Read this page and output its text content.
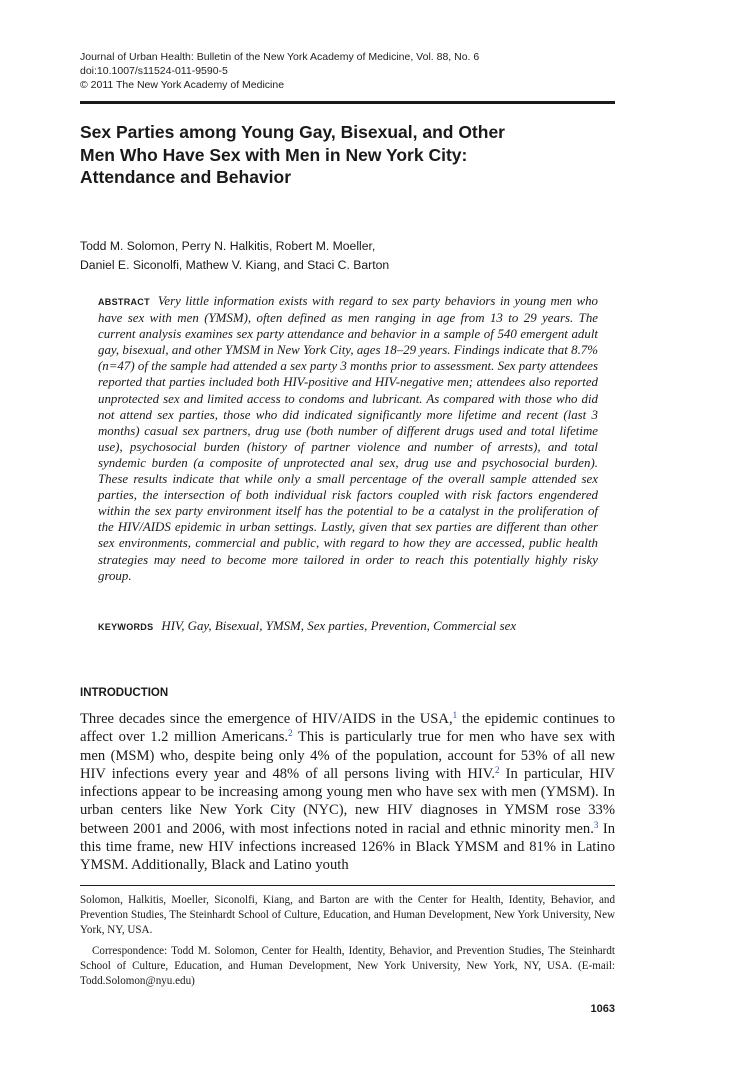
Journal of Urban Health: Bulletin of the New York Academy of Medicine, Vol. 88, No. 6
doi:10.1007/s11524-011-9590-5
© 2011 The New York Academy of Medicine
Sex Parties among Young Gay, Bisexual, and Other
Men Who Have Sex with Men in New York City:
Attendance and Behavior
Todd M. Solomon, Perry N. Halkitis, Robert M. Moeller,
Daniel E. Siconolfi, Mathew V. Kiang, and Staci C. Barton
ABSTRACT Very little information exists with regard to sex party behaviors in young men who have sex with men (YMSM), often defined as men ranging in age from 13 to 29 years. The current analysis examines sex party attendance and behavior in a sample of 540 emergent adult gay, bisexual, and other YMSM in New York City, ages 18–29 years. Findings indicate that 8.7% (n=47) of the sample had attended a sex party 3 months prior to assessment. Sex party attendees reported that parties included both HIV-positive and HIV-negative men; attendees also reported unprotected sex and limited access to condoms and lubricant. As compared with those who did not attend sex parties, those who did indicated significantly more lifetime and recent (last 3 months) casual sex partners, drug use (both number of different drugs used and total lifetime use), psychosocial burden (history of partner violence and number of arrests), and total syndemic burden (a composite of unprotected anal sex, drug use and psychosocial burden). These results indicate that while only a small percentage of the overall sample attended sex parties, the intersection of both individual risk factors coupled with risk factors engendered within the sex party environment itself has the potential to be a catalyst in the proliferation of the HIV/AIDS epidemic in urban settings. Lastly, given that sex parties are different than other sex environments, commercial and public, with regard to how they are accessed, public health strategies may need to become more tailored in order to reach this potentially highly risky group.
KEYWORDS HIV, Gay, Bisexual, YMSM, Sex parties, Prevention, Commercial sex
INTRODUCTION
Three decades since the emergence of HIV/AIDS in the USA,$^1$ the epidemic continues to affect over 1.2 million Americans.$^2$ This is particularly true for men who have sex with men (MSM) who, despite being only 4% of the population, account for 53% of all new HIV infections every year and 48% of all persons living with HIV.$^2$ In particular, HIV infections appear to be increasing among young men who have sex with men (YMSM). In urban centers like New York City (NYC), new HIV diagnoses in YMSM rose 33% between 2001 and 2006, with most infections noted in racial and ethnic minority men.$^3$ In this time frame, new HIV infections increased 126% in Black YMSM and 81% in Latino YMSM. Additionally, Black and Latino youth

Solomon, Halkitis, Moeller, Siconolfi, Kiang, and Barton are with the Center for Health, Identity, Behavior, and Prevention Studies, The Steinhardt School of Culture, Education, and Human Development, New York University, New York, NY, USA.

Correspondence: Todd M. Solomon, Center for Health, Identity, Behavior, and Prevention Studies, The Steinhardt School of Culture, Education, and Human Development, New York University, New York, NY, USA. (E-mail: Todd.Solomon@nyu.edu)

1063
